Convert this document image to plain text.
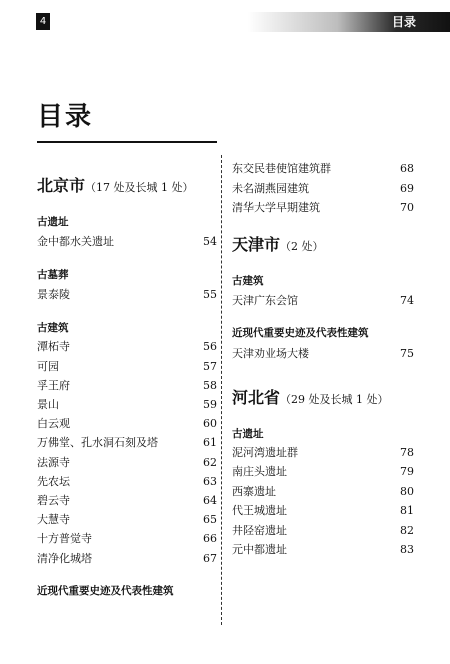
4	目录
目录

北京市（17 处及长城 1 处）

古遗址

金中都水关遗址	54

古墓葬

景泰陵	55

古建筑

潭柘寺	56
可园	57
孚王府	58
景山	59
白云观	60
万佛堂、孔水洞石刻及塔	61
法源寺	62
先农坛	63
碧云寺	64
大慧寺	65
十方普觉寺	66
清净化城塔	67

近现代重要史迹及代表性建筑

东交民巷使馆建筑群	68
未名湖燕园建筑	69
清华大学早期建筑	70

天津市（2 处）

古建筑

天津广东会馆	74

近现代重要史迹及代表性建筑

天津劝业场大楼	75

河北省（29 处及长城 1 处）

古遗址

泥河湾遗址群	78
南庄头遗址	79
西寨遗址	80
代王城遗址	81
井陉窑遗址	82
元中都遗址	83
